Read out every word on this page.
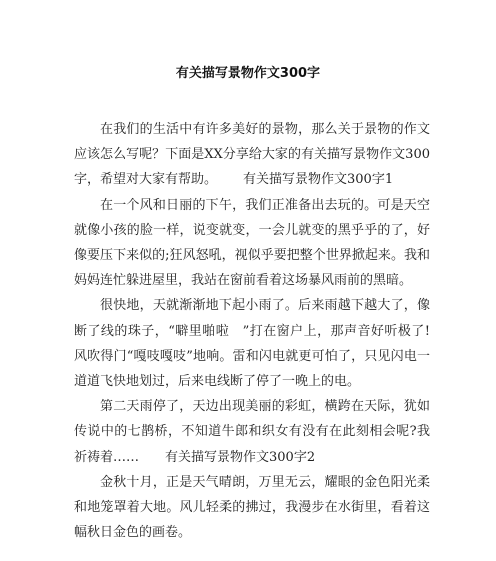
有关描写景物作文300字

在我们的生活中有许多美好的景物，那么关于景物的作文应该怎么写呢？下面是XX分享给大家的有关描写景物作文300字，希望对大家有帮助。 有关描写景物作文300字1

在一个风和日丽的下午，我们正准备出去玩的。可是天空就像小孩的脸一样，说变就变，一会儿就变的黑乎乎的了，好像要压下来似的;狂风怒吼，视似乎要把整个世界掀起来。我和妈妈连忙躲进屋里，我站在窗前看着这场暴风雨前的黑暗。

很快地，天就渐渐地下起小雨了。后来雨越下越大了，像断了线的珠子，“噼里啪啦　”打在窗户上，那声音好听极了!风吹得门“嘎吱嘎吱”地响。雷和闪电就更可怕了，只见闪电一道道飞快地划过，后来电线断了停了一晚上的电。

第二天雨停了，天边出现美丽的彩虹，横跨在天际，犹如传说中的七鹊桥，不知道牛郎和织女有没有在此刻相会呢?我祈祷着…… 有关描写景物作文300字2

金秋十月，正是天气晴朗，万里无云，耀眼的金色阳光柔和地笼罩着大地。风儿轻柔的拂过，我漫步在水街里，看着这幅秋日金色的画卷。
